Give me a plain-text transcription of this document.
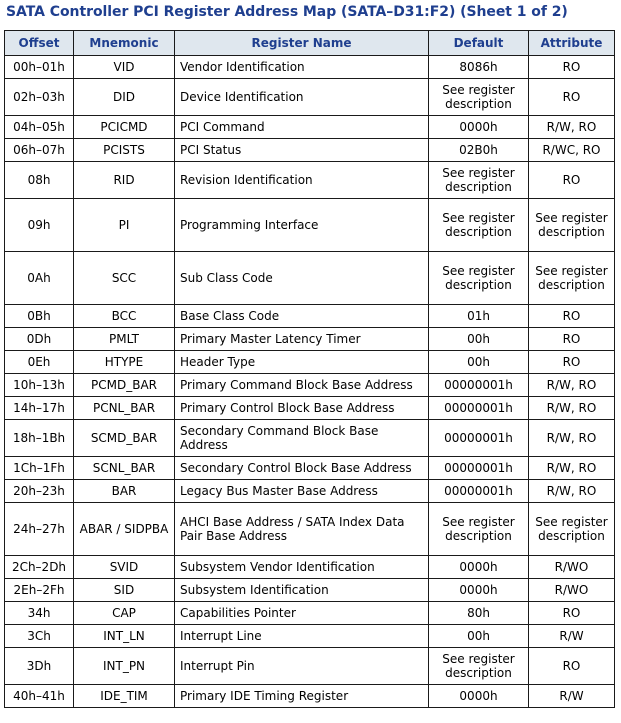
SATA Controller PCI Register Address Map (SATA–D31:F2) (Sheet 1 of 2)
Offset	Mnemonic	Register Name	Default	Attribute
00h–01h	VID	Vendor Identification	8086h	RO
02h–03h	DID	Device Identification	See register description	RO
04h–05h	PCICMD	PCI Command	0000h	R/W, RO
06h–07h	PCISTS	PCI Status	02B0h	R/WC, RO
08h	RID	Revision Identification	See register description	RO
09h	PI	Programming Interface	See register description	See register description
0Ah	SCC	Sub Class Code	See register description	See register description
0Bh	BCC	Base Class Code	01h	RO
0Dh	PMLT	Primary Master Latency Timer	00h	RO
0Eh	HTYPE	Header Type	00h	RO
10h–13h	PCMD_BAR	Primary Command Block Base Address	00000001h	R/W, RO
14h–17h	PCNL_BAR	Primary Control Block Base Address	00000001h	R/W, RO
18h–1Bh	SCMD_BAR	Secondary Command Block Base Address	00000001h	R/W, RO
1Ch–1Fh	SCNL_BAR	Secondary Control Block Base Address	00000001h	R/W, RO
20h–23h	BAR	Legacy Bus Master Base Address	00000001h	R/W, RO
24h–27h	ABAR / SIDPBA	AHCI Base Address / SATA Index Data Pair Base Address	See register description	See register description
2Ch–2Dh	SVID	Subsystem Vendor Identification	0000h	R/WO
2Eh–2Fh	SID	Subsystem Identification	0000h	R/WO
34h	CAP	Capabilities Pointer	80h	RO
3Ch	INT_LN	Interrupt Line	00h	R/W
3Dh	INT_PN	Interrupt Pin	See register description	RO
40h–41h	IDE_TIM	Primary IDE Timing Register	0000h	R/W
